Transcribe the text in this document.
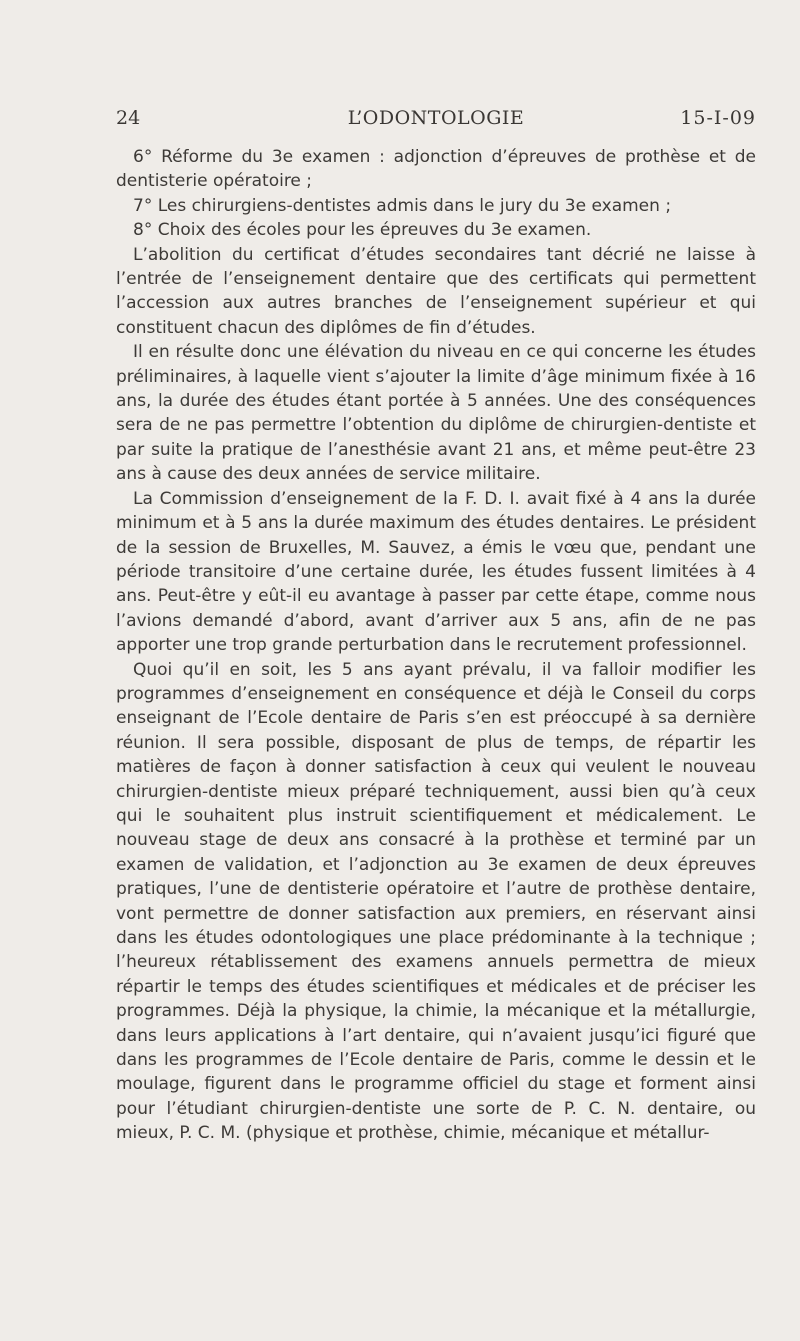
24	L’ODONTOLOGIE	15-I-09

6° Réforme du 3e examen : adjonction d’épreuves de prothèse et de dentisterie opératoire ;

7° Les chirurgiens-dentistes admis dans le jury du 3e examen ;

8° Choix des écoles pour les épreuves du 3e examen.

L’abolition du certificat d’études secondaires tant décrié ne laisse à l’entrée de l’enseignement dentaire que des certificats qui permettent l’accession aux autres branches de l’enseignement supérieur et qui constituent chacun des diplômes de fin d’études.

Il en résulte donc une élévation du niveau en ce qui concerne les études préliminaires, à laquelle vient s’ajouter la limite d’âge minimum fixée à 16 ans, la durée des études étant portée à 5 années. Une des conséquences sera de ne pas permettre l’obtention du diplôme de chirurgien-dentiste et par suite la pratique de l’anesthésie avant 21 ans, et même peut-être 23 ans à cause des deux années de service militaire.

La Commission d’enseignement de la F. D. I. avait fixé à 4 ans la durée minimum et à 5 ans la durée maximum des études dentaires. Le président de la session de Bruxelles, M. Sauvez, a émis le vœu que, pendant une période transitoire d’une certaine durée, les études fussent limitées à 4 ans. Peut-être y eût-il eu avantage à passer par cette étape, comme nous l’avions demandé d’abord, avant d’arriver aux 5 ans, afin de ne pas apporter une trop grande perturbation dans le recrutement professionnel.

Quoi qu’il en soit, les 5 ans ayant prévalu, il va falloir modifier les programmes d’enseignement en conséquence et déjà le Conseil du corps enseignant de l’Ecole dentaire de Paris s’en est préoccupé à sa dernière réunion. Il sera possible, disposant de plus de temps, de répartir les matières de façon à donner satisfaction à ceux qui veulent le nouveau chirurgien-dentiste mieux préparé techniquement, aussi bien qu’à ceux qui le souhaitent plus instruit scientifiquement et médicalement. Le nouveau stage de deux ans consacré à la prothèse et terminé par un examen de validation, et l’adjonction au 3e examen de deux épreuves pratiques, l’une de dentisterie opératoire et l’autre de prothèse dentaire, vont permettre de donner satisfaction aux premiers, en réservant ainsi dans les études odontologiques une place prédominante à la technique ; l’heureux rétablissement des examens annuels permettra de mieux répartir le temps des études scientifiques et médicales et de préciser les programmes. Déjà la physique, la chimie, la mécanique et la métallurgie, dans leurs applications à l’art dentaire, qui n’avaient jusqu’ici figuré que dans les programmes de l’Ecole dentaire de Paris, comme le dessin et le moulage, figurent dans le programme officiel du stage et forment ainsi pour l’étudiant chirurgien-dentiste une sorte de P. C. N. dentaire, ou mieux, P. C. M. (physique et prothèse, chimie, mécanique et métallur-
